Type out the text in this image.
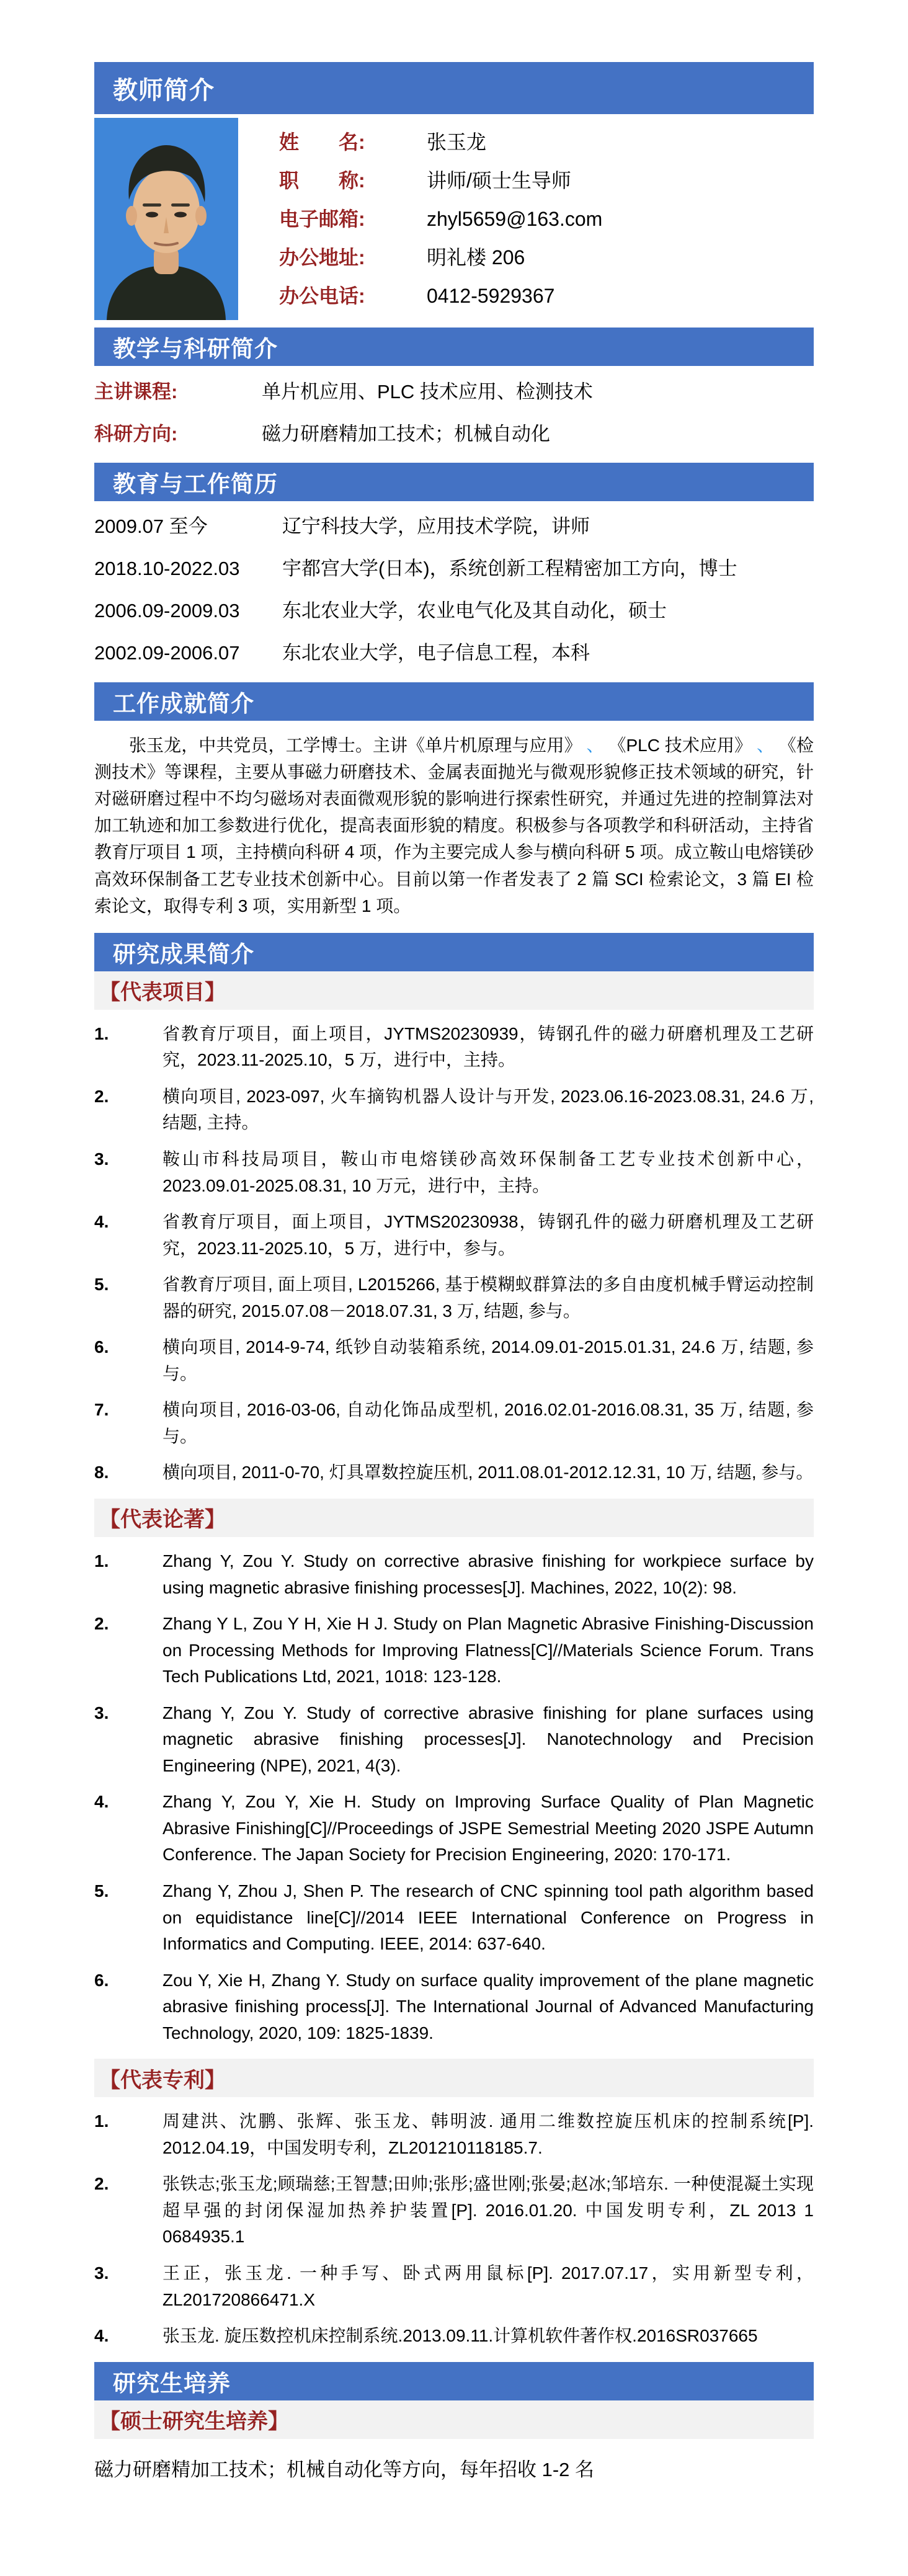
教师简介
姓　　名:	张玉龙
职　　称:	讲师/硕士生导师
电子邮箱:	zhyl5659@163.com
办公地址:	明礼楼 206
办公电话:	0412-5929367
教学与科研简介
主讲课程:	单片机应用、PLC 技术应用、检测技术
科研方向:	磁力研磨精加工技术；机械自动化
教育与工作简历
2009.07 至今	辽宁科技大学，应用技术学院，讲师
2018.10-2022.03	宇都宫大学(日本)，系统创新工程精密加工方向，博士
2006.09-2009.03	东北农业大学，农业电气化及其自动化，硕士
2002.09-2006.07	东北农业大学，电子信息工程，本科
工作成就简介

张玉龙，中共党员，工学博士。主讲《单片机原理与应用》 、 《PLC 技术应用》 、 《检测技术》等课程，主要从事磁力研磨技术、金属表面抛光与微观形貌修正技术领域的研究，针对磁研磨过程中不均匀磁场对表面微观形貌的影响进行探索性研究，并通过先进的控制算法对加工轨迹和加工参数进行优化，提高表面形貌的精度。积极参与各项教学和科研活动，主持省教育厅项目 1 项，主持横向科研 4 项，作为主要完成人参与横向科研 5 项。成立鞍山电熔镁砂高效环保制备工艺专业技术创新中心。目前以第一作者发表了 2 篇 SCI 检索论文，3 篇 EI 检索论文，取得专利 3 项，实用新型 1 项。

研究成果简介
【代表项目】
1.	省教育厅项目，面上项目，JYTMS20230939，铸钢孔件的磁力研磨机理及工艺研究，2023.11-2025.10，5 万，进行中，主持。
2.	横向项目, 2023-097, 火车摘钩机器人设计与开发, 2023.06.16-2023.08.31, 24.6 万, 结题, 主持。
3.	鞍山市科技局项目，鞍山市电熔镁砂高效环保制备工艺专业技术创新中心，2023.09.01-2025.08.31, 10 万元，进行中，主持。
4.	省教育厅项目，面上项目，JYTMS20230938，铸钢孔件的磁力研磨机理及工艺研究，2023.11-2025.10，5 万，进行中，参与。
5.	省教育厅项目, 面上项目, L2015266, 基于模糊蚁群算法的多自由度机械手臂运动控制器的研究, 2015.07.08－2018.07.31, 3 万, 结题, 参与。
6.	横向项目, 2014-9-74, 纸钞自动装箱系统, 2014.09.01-2015.01.31, 24.6 万, 结题, 参与。
7.	横向项目, 2016-03-06, 自动化饰品成型机, 2016.02.01-2016.08.31, 35 万, 结题, 参与。
8.	横向项目, 2011-0-70, 灯具罩数控旋压机, 2011.08.01-2012.12.31, 10 万, 结题, 参与。
【代表论著】
1.	Zhang Y, Zou Y. Study on corrective abrasive finishing for workpiece surface by using magnetic abrasive finishing processes[J]. Machines, 2022, 10(2): 98.
2.	Zhang Y L, Zou Y H, Xie H J. Study on Plan Magnetic Abrasive Finishing-Discussion on Processing Methods for Improving Flatness[C]//Materials Science Forum. Trans Tech Publications Ltd, 2021, 1018: 123-128.
3.	Zhang Y, Zou Y. Study of corrective abrasive finishing for plane surfaces using magnetic abrasive finishing processes[J]. Nanotechnology and Precision Engineering (NPE), 2021, 4(3).
4.	Zhang Y, Zou Y, Xie H. Study on Improving Surface Quality of Plan Magnetic Abrasive Finishing[C]//Proceedings of JSPE Semestrial Meeting 2020 JSPE Autumn Conference. The Japan Society for Precision Engineering, 2020: 170-171.
5.	Zhang Y, Zhou J, Shen P. The research of CNC spinning tool path algorithm based on equidistance line[C]//2014 IEEE International Conference on Progress in Informatics and Computing. IEEE, 2014: 637-640.
6.	Zou Y, Xie H, Zhang Y. Study on surface quality improvement of the plane magnetic abrasive finishing process[J]. The International Journal of Advanced Manufacturing Technology, 2020, 109: 1825-1839.
【代表专利】
1.	周建洪、沈鹏、张辉、张玉龙、韩明波. 通用二维数控旋压机床的控制系统[P]. 2012.04.19，中国发明专利，ZL201210118185.7.
2.	张铁志;张玉龙;顾瑞慈;王智慧;田帅;张彤;盛世刚;张晏;赵冰;邹培东. 一种使混凝土实现超早强的封闭保湿加热养护装置[P]. 2016.01.20. 中国发明专利，ZL 2013 1 0684935.1
3.	王正，张玉龙. 一种手写、卧式两用鼠标[P]. 2017.07.17，实用新型专利，ZL201720866471.X
4.	张玉龙. 旋压数控机床控制系统.2013.09.11.计算机软件著作权.2016SR037665
研究生培养
【硕士研究生培养】

磁力研磨精加工技术；机械自动化等方向，每年招收 1-2 名
